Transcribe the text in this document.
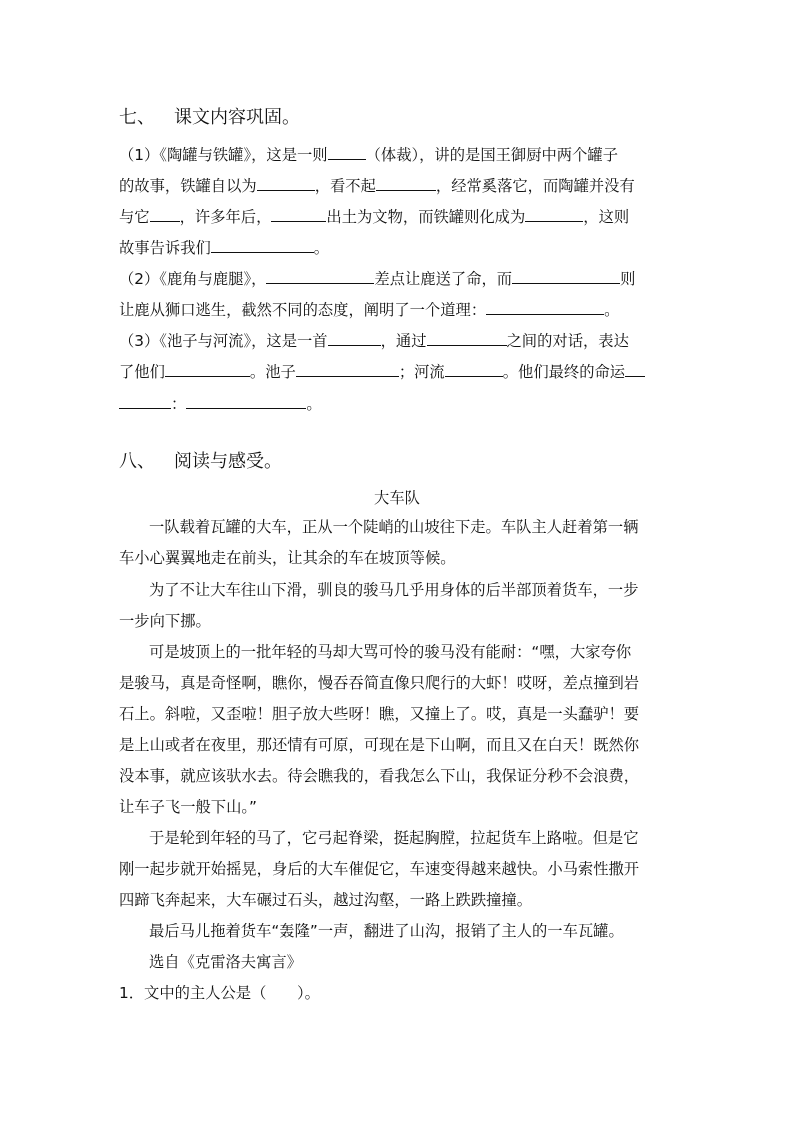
七、 课文内容巩固。
（1）《陶罐与铁罐》，这是一则 （体裁），讲的是国王御厨中两个罐子
的故事，铁罐自以为	，看不起	，经常奚落它，而陶罐并没有
与它 ，许多年后，	出土为文物，而铁罐则化成为	，这则
故事告诉我们	。
（2）《鹿角与鹿腿》，	差点让鹿送了命，而	则
让鹿从狮口逃生，截然不同的态度，阐明了一个道理：	。
（3）《池子与河流》，这是一首	，通过	之间的对话，表达
了他们	。池子	；河流	。他们最终的命运
：	。
八、 阅读与感受。
大车队
一队载着瓦罐的大车，正从一个陡峭的山坡往下走。车队主人赶着第一辆
车小心翼翼地走在前头，让其余的车在坡顶等候。
为了不让大车往山下滑，驯良的骏马几乎用身体的后半部顶着货车，一步
一步向下挪。
可是坡顶上的一批年轻的马却大骂可怜的骏马没有能耐：“嘿，大家夸你
是骏马，真是奇怪啊，瞧你，慢吞吞简直像只爬行的大虾！哎呀，差点撞到岩
石上。斜啦，又歪啦！胆子放大些呀！瞧，又撞上了。哎，真是一头蠢驴！要
是上山或者在夜里，那还情有可原，可现在是下山啊，而且又在白天！既然你
没本事，就应该驮水去。待会瞧我的，看我怎么下山，我保证分秒不会浪费，
让车子飞一般下山。”
于是轮到年轻的马了，它弓起脊梁，挺起胸膛，拉起货车上路啦。但是它
刚一起步就开始摇晃，身后的大车催促它，车速变得越来越快。小马索性撒开
四蹄飞奔起来，大车碾过石头，越过沟壑，一路上跌跌撞撞。
最后马儿拖着货车“轰隆”一声，翻进了山沟，报销了主人的一车瓦罐。
选自《克雷洛夫寓言》
1．文中的主人公是（　　）。
